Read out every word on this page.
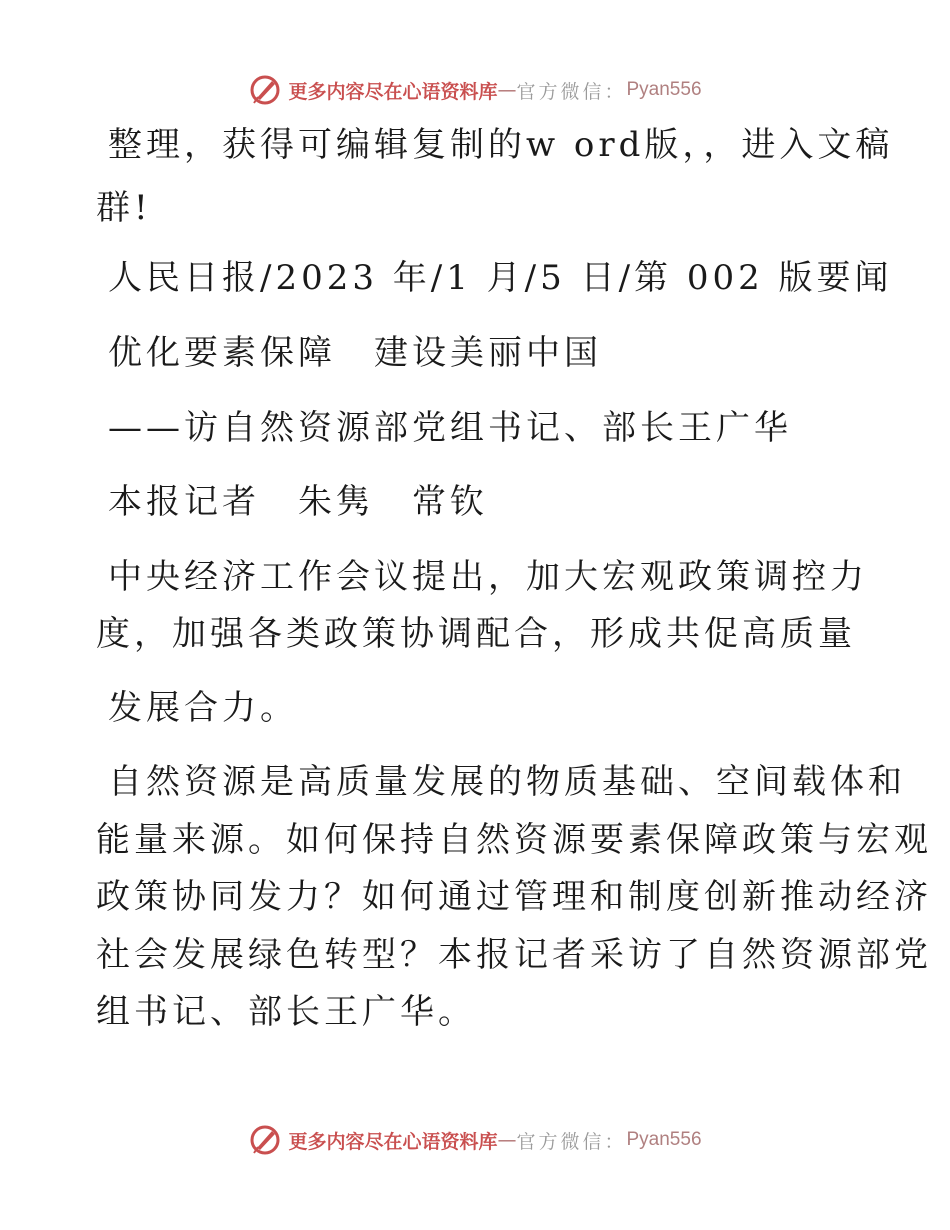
更多内容尽在心语资料库 — 官方微信： Pyan556
整理，获得可编辑复制的w ord版，，进入文稿
群!
人民日报/2023 年/1 月/5 日/第 002 版要闻
优化要素保障　建设美丽中国
——访自然资源部党组书记、部长王广华
本报记者　朱隽　常钦
中央经济工作会议提出，加大宏观政策调控力
度，加强各类政策协调配合，形成共促高质量
发展合力。
自然资源是高质量发展的物质基础、空间载体和
能量来源。如何保持自然资源要素保障政策与宏观
政策协同发力？如何通过管理和制度创新推动经济
社会发展绿色转型？本报记者采访了自然资源部党
组书记、部长王广华。
更多内容尽在心语资料库 — 官方微信： Pyan556
